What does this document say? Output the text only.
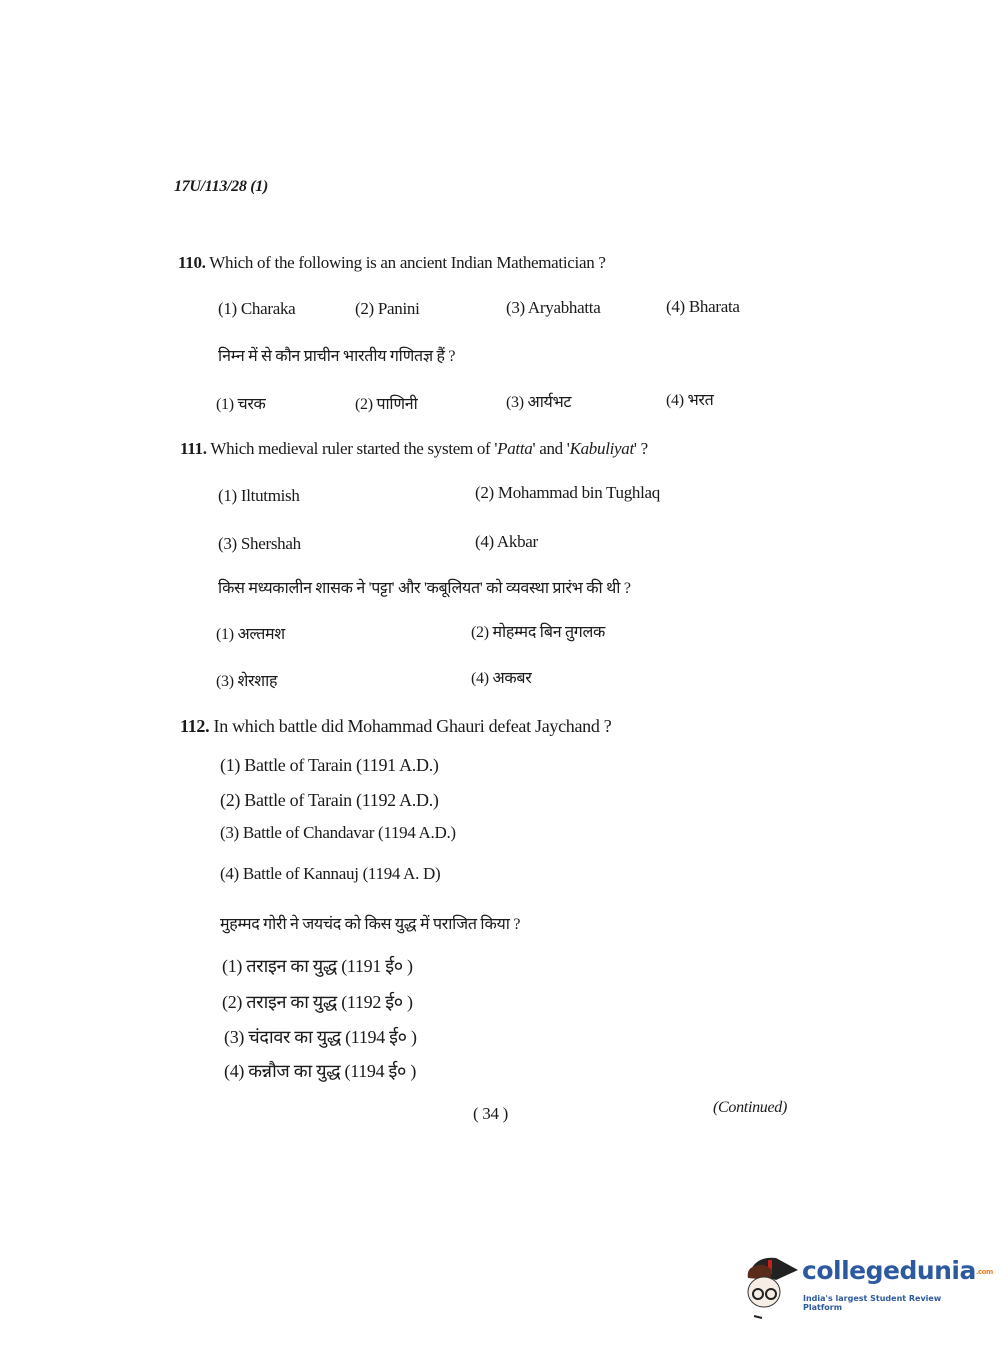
17U/113/28 (1)
110. Which of the following is an ancient Indian Mathematician ?
(1) Charaka	(2) Panini	(3) Aryabhatta	(4) Bharata
निम्न में से कौन प्राचीन भारतीय गणितज्ञ हैं ?
(1) चरक	(2) पाणिनी	(3) आर्यभट	(4) भरत
111. Which medieval ruler started the system of 'Patta' and 'Kabuliyat' ?
(1) Iltutmish	(2) Mohammad bin Tughlaq
(3) Shershah	(4) Akbar
किस मध्यकालीन शासक ने 'पट्टा' और 'कबूलियत' को व्यवस्था प्रारंभ की थी ?
(1) अल्तमश	(2) मोहम्मद बिन तुगलक
(3) शेरशाह	(4) अकबर
112. In which battle did Mohammad Ghauri defeat Jaychand ?
(1) Battle of Tarain (1191 A.D.)
(2) Battle of Tarain (1192 A.D.)
(3) Battle of Chandavar (1194 A.D.)
(4) Battle of Kannauj (1194 A. D)
मुहम्मद गोरी ने जयचंद को किस युद्ध में पराजित किया ?
(1) तराइन का युद्ध (1191 ई० )
(2) तराइन का युद्ध (1192 ई० )
(3) चंदावर का युद्ध (1194 ई० )
(4) कन्नौज का युद्ध (1194 ई० )
( 34 )	(Continued)
collegedunia.com
India's largest Student Review Platform
